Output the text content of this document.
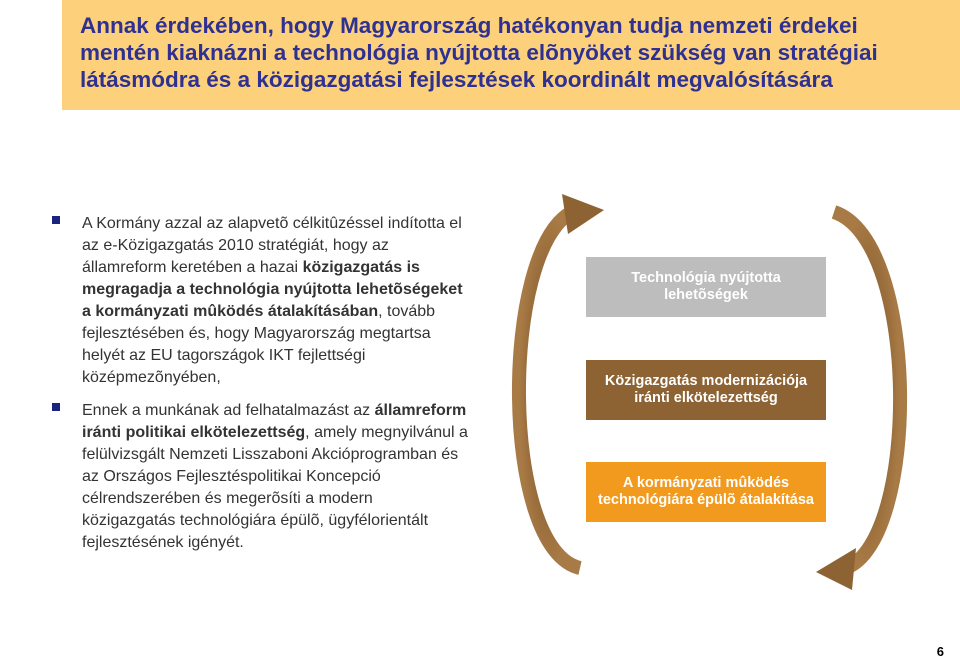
Annak érdekében, hogy Magyarország hatékonyan tudja nemzeti érdekei
mentén kiaknázni a technológia nyújtotta elõnyöket szükség van stratégiai
látásmódra és a közigazgatási fejlesztések koordinált megvalósítására
A Kormány azzal az alapvetõ célkitûzéssel indította el az e-Közigazgatás 2010 stratégiát, hogy az államreform keretében a hazai közigazgatás is megragadja a technológia nyújtotta lehetõségeket a kormányzati mûködés átalakításában, tovább fejlesztésében és, hogy Magyarország megtartsa helyét az EU tagországok IKT fejlettségi középmezõnyében,
Ennek a munkának ad felhatalmazást az államreform iránti politikai elkötelezettség, amely megnyilvánul a felülvizsgált Nemzeti Lisszaboni Akcióprogramban és az Országos Fejlesztéspolitikai Koncepció célrendszerében és megerõsíti a modern közigazgatás technológiára épülõ, ügyfélorientált fejlesztésének igényét.
Technológia nyújtotta lehetõségek
Közigazgatás modernizációja iránti elkötelezettség
A kormányzati mûködés technológiára épülõ átalakítása
6
